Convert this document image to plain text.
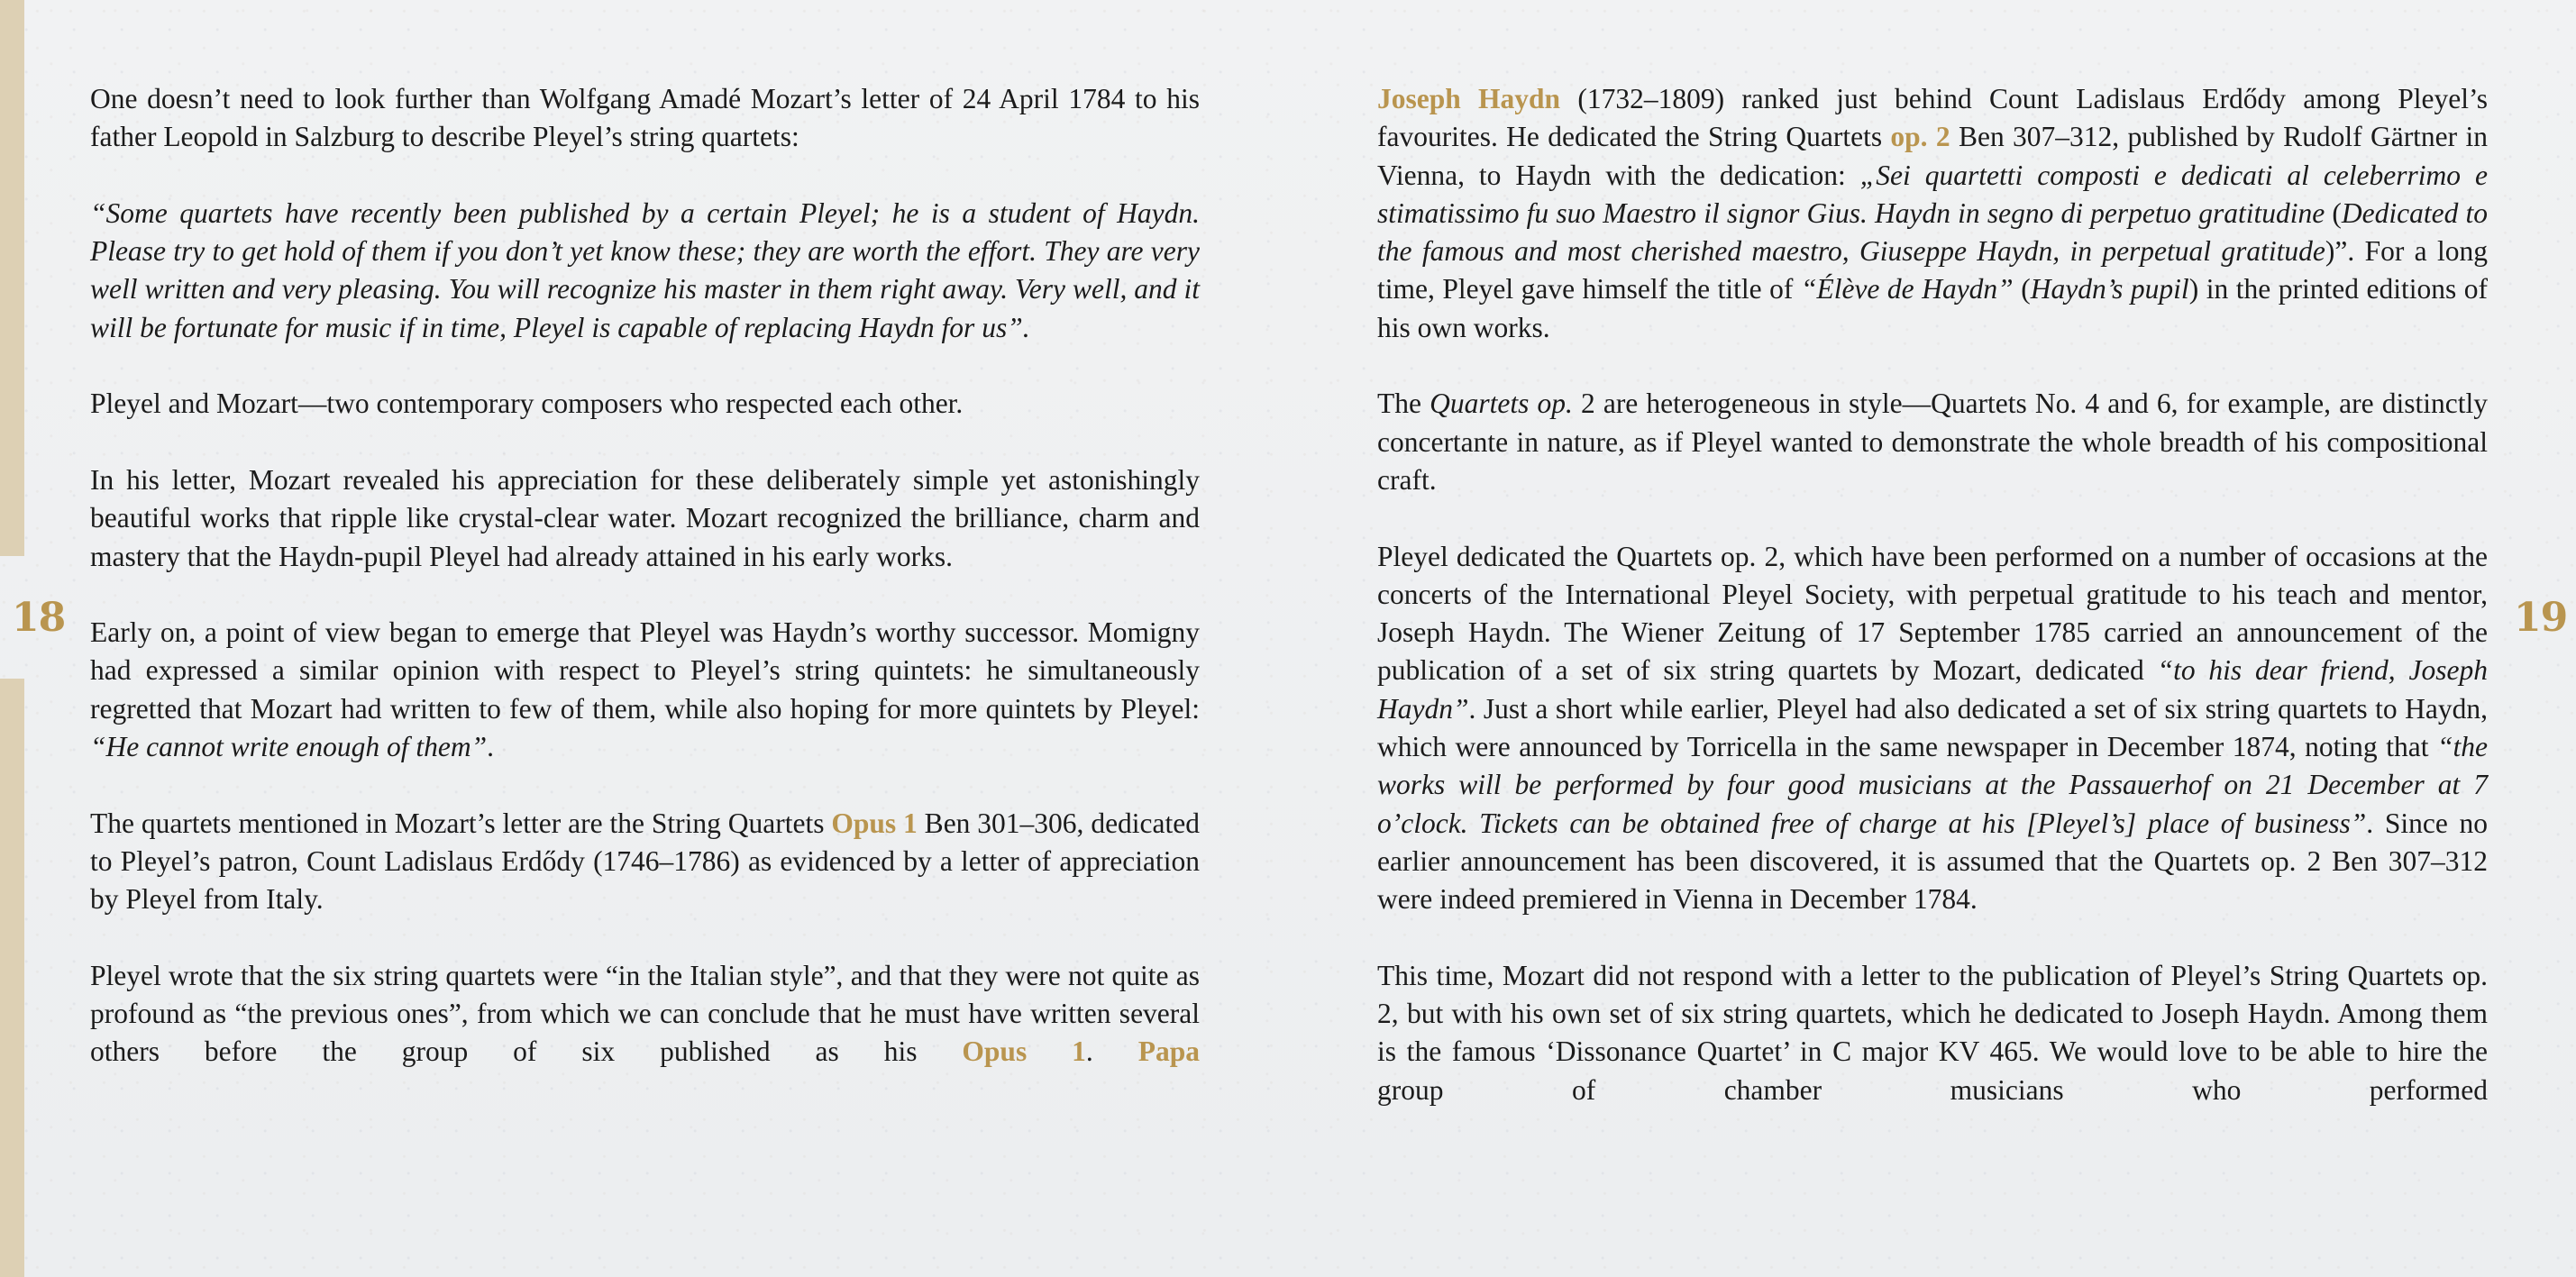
18	19

One doesn’t need to look further than Wolfgang Amadé Mozart’s letter of 24 April 1784 to his father Leopold in Salzburg to describe Pleyel’s string quartets:

“Some quartets have recently been published by a certain Pleyel; he is a student of Haydn. Please try to get hold of them if you don’t yet know these; they are worth the effort. They are very well written and very pleasing. You will recognize his master in them right away. Very well, and it will be fortunate for music if in time, Pleyel is capable of replacing Haydn for us”.

Pleyel and Mozart—two contemporary composers who respected each other.

In his letter, Mozart revealed his appreciation for these deliberately simple yet astonishingly beautiful works that ripple like crystal-clear water. Mozart recognized the brilliance, charm and mastery that the Haydn-pupil Pleyel had already attained in his early works.

Early on, a point of view began to emerge that Pleyel was Haydn’s worthy successor. Momigny had expressed a similar opinion with respect to Pleyel’s string quintets: he simultaneously regretted that Mozart had written to few of them, while also hoping for more quintets by Pleyel: “He cannot write enough of them”.

The quartets mentioned in Mozart’s letter are the String Quartets Opus 1 Ben 301–306, dedicated to Pleyel’s patron, Count Ladislaus Erdődy (1746–1786) as evidenced by a letter of appreciation by Pleyel from Italy.

Pleyel wrote that the six string quartets were “in the Italian style”, and that they were not quite as profound as “the previous ones”, from which we can conclude that he must have written several others before the group of six published as his Opus 1. Papa

Joseph Haydn (1732–1809) ranked just behind Count Ladislaus Erdődy among Pleyel’s favourites. He dedicated the String Quartets op. 2 Ben 307–312, published by Rudolf Gärtner in Vienna, to Haydn with the dedication: „Sei quartetti composti e dedicati al celeberrimo e stimatissimo fu suo Maestro il signor Gius. Haydn in segno di perpetuo gratitudine (Dedicated to the famous and most cherished maestro, Giuseppe Haydn, in perpetual gratitude)”. For a long time, Pleyel gave himself the title of “Élève de Haydn” (Haydn’s pupil) in the printed editions of his own works.

The Quartets op. 2 are heterogeneous in style—Quartets No. 4 and 6, for example, are distinctly concertante in nature, as if Pleyel wanted to demonstrate the whole breadth of his compositional craft.

Pleyel dedicated the Quartets op. 2, which have been performed on a number of occasions at the concerts of the International Pleyel Society, with perpetual gratitude to his teach and mentor, Joseph Haydn. The Wiener Zeitung of 17 September 1785 carried an announcement of the publication of a set of six string quartets by Mozart, dedicated “to his dear friend, Joseph Haydn”. Just a short while earlier, Pleyel had also dedicated a set of six string quartets to Haydn, which were announced by Torricella in the same newspaper in December 1874, noting that “the works will be performed by four good musicians at the Passauerhof on 21 December at 7 o’clock. Tickets can be obtained free of charge at his [Pleyel’s] place of business”. Since no earlier announcement has been discovered, it is assumed that the Quartets op. 2 Ben 307–312 were indeed premiered in Vienna in December 1784.

This time, Mozart did not respond with a letter to the publication of Pleyel’s String Quartets op. 2, but with his own set of six string quartets, which he dedicated to Joseph Haydn. Among them is the famous ‘Dissonance Quartet’ in C major KV 465. We would love to be able to hire the group of chamber musicians who performed
